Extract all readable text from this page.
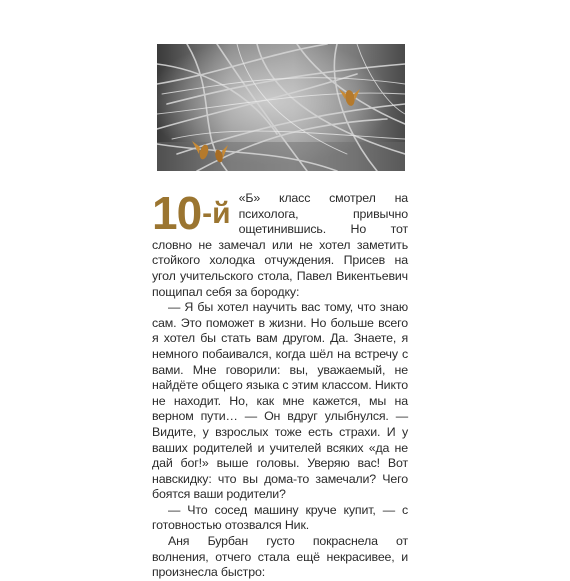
10-й «Б» класс смотрел на психолога, привычно ощетинившись. Но тот словно не замечал или не хотел заметить стойкого холодка отчуждения. Присев на угол учительского стола, Павел Викентьевич пощипал себя за бородку:

— Я бы хотел научить вас тому, что знаю сам. Это поможет в жизни. Но больше всего я хотел бы стать вам другом. Да. Знаете, я немного побаивался, когда шёл на встречу с вами. Мне говорили: вы, уважаемый, не найдёте общего языка с этим классом. Никто не находит. Но, как мне кажется, мы на верном пути… — Он вдруг улыбнулся. — Видите, у взрослых тоже есть страхи. И у ваших родителей и учителей всяких «да не дай бог!» выше головы. Уверяю вас! Вот навскидку: что вы дома-то замечали? Чего боятся ваши родители?

— Что сосед машину круче купит, — с готовностью отозвался Ник.

Аня Бурбан густо покраснела от волнения, отчего стала ещё некрасивее, и произнесла быстро:
